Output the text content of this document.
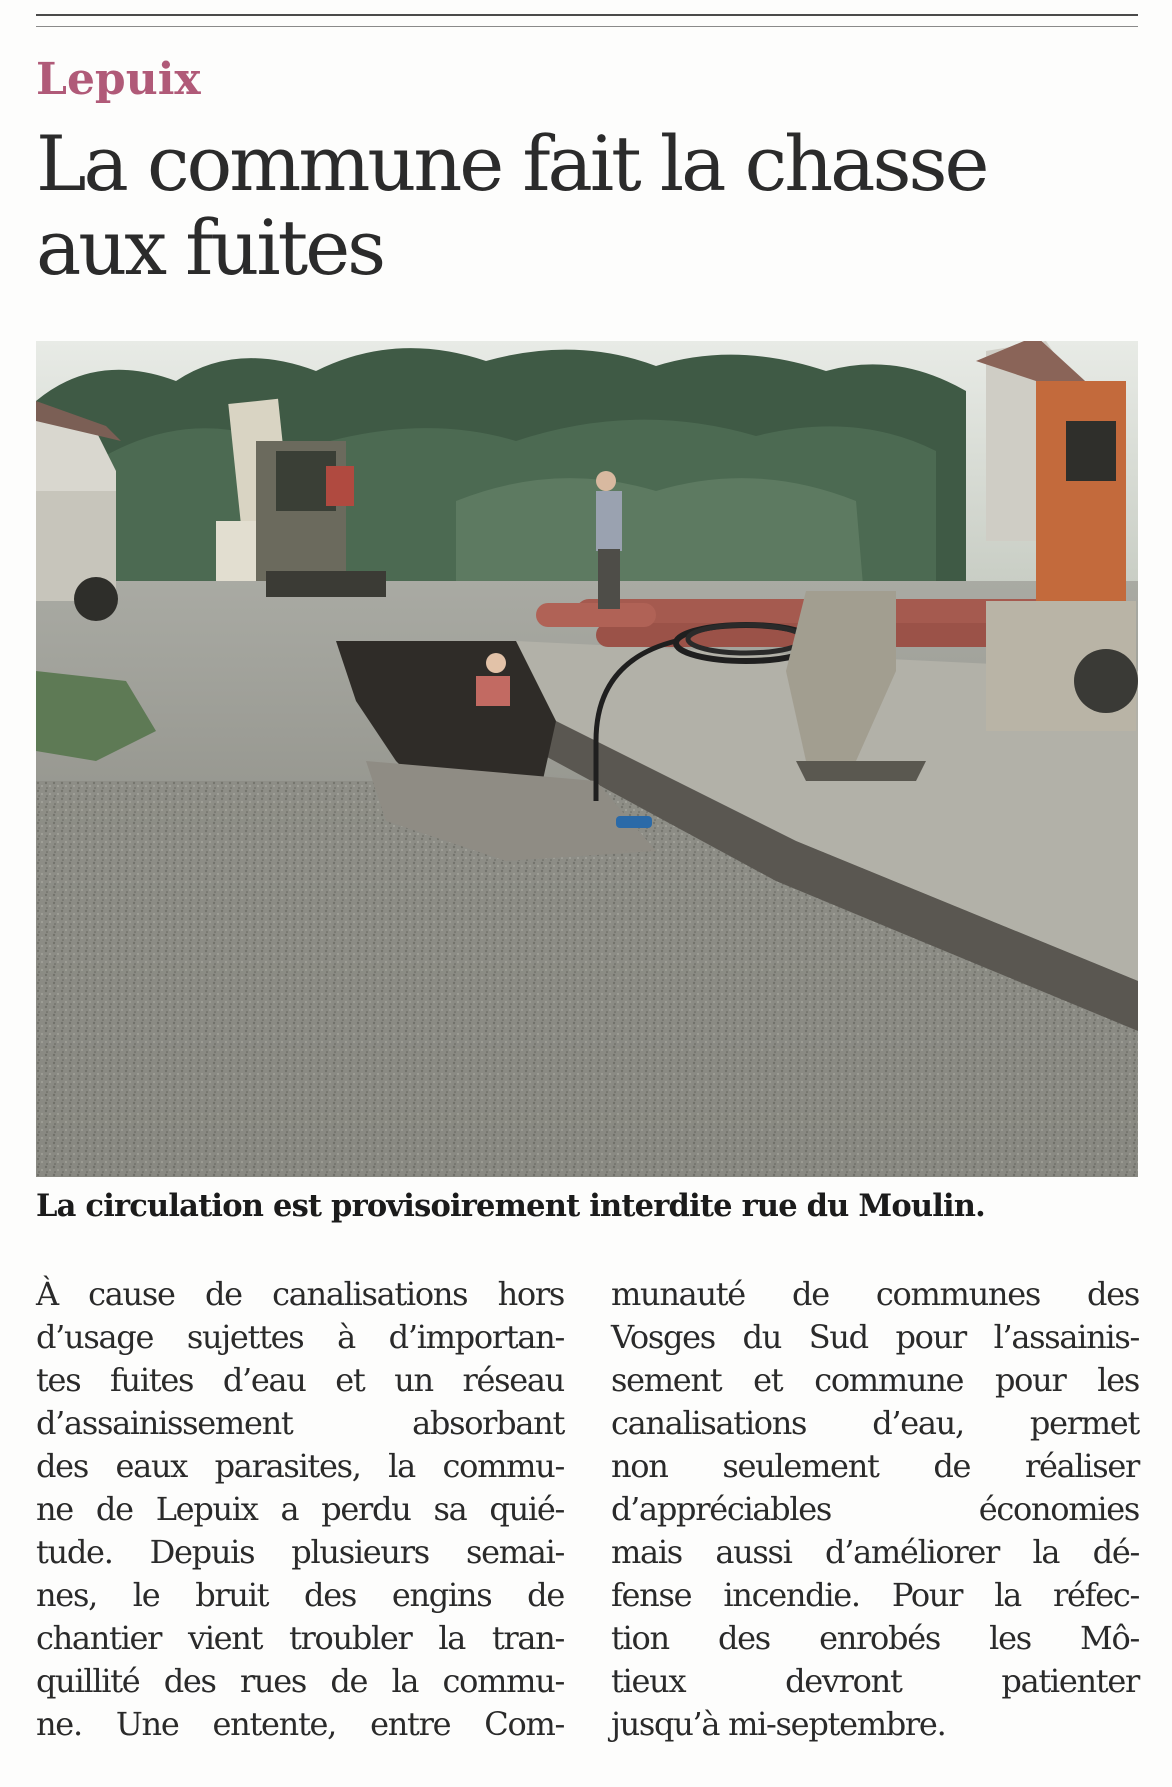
Lepuix
La commune fait la chasse
aux fuites
La circulation est provisoirement interdite rue du Moulin.
À cause de canalisations hors
d’usage sujettes à d’importan-
tes fuites d’eau et un réseau
d’assainissement absorbant
des eaux parasites, la commu-
ne de Lepuix a perdu sa quié-
tude. Depuis plusieurs semai-
nes, le bruit des engins de
chantier vient troubler la tran-
quillité des rues de la commu-
ne. Une entente, entre Com-
munauté de communes des
Vosges du Sud pour l’assainis-
sement et commune pour les
canalisations d’eau, permet
non seulement de réaliser
d’appréciables économies
mais aussi d’améliorer la dé-
fense incendie. Pour la réfec-
tion des enrobés les Mô-
tieux devront patienter
jusqu’à mi-septembre.
